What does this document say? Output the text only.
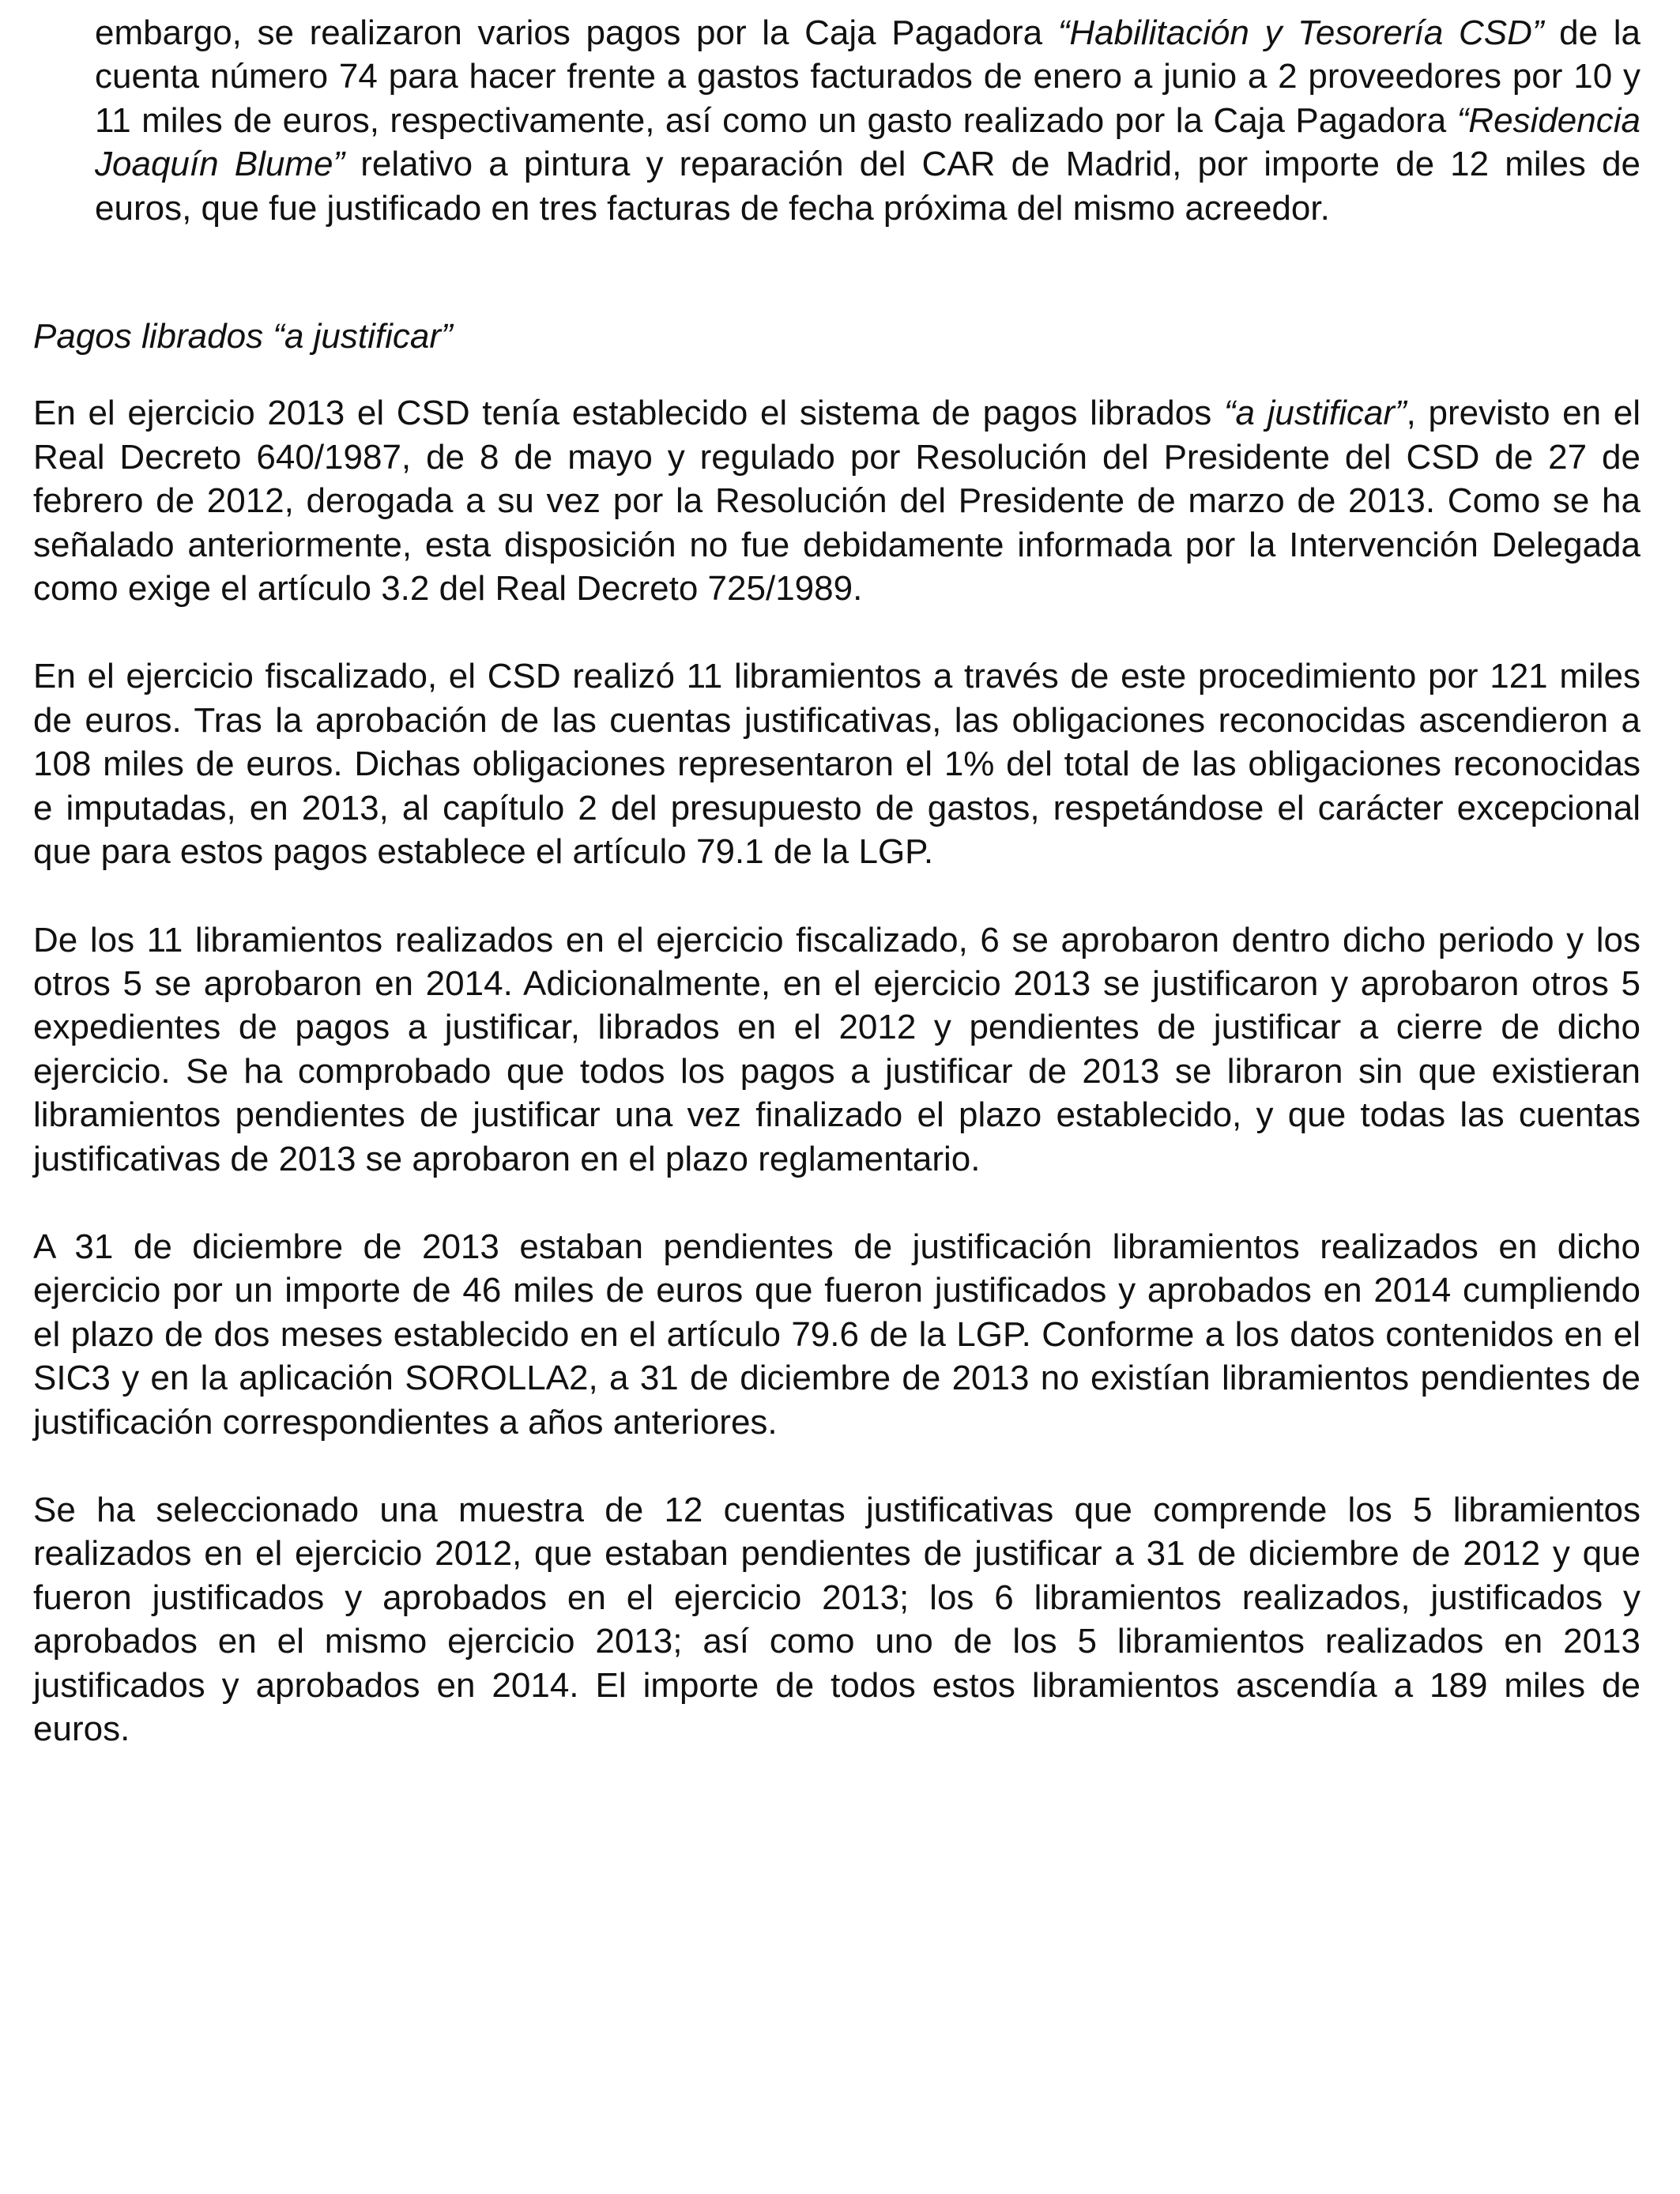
embargo, se realizaron varios pagos por la Caja Pagadora “Habilitación y Tesorería CSD” de la cuenta número 74 para hacer frente a gastos facturados de enero a junio a 2 proveedores por 10 y 11 miles de euros, respectivamente, así como un gasto realizado por la Caja Pagadora “Residencia Joaquín Blume” relativo a pintura y reparación del CAR de Madrid, por importe de 12 miles de euros, que fue justificado en tres facturas de fecha próxima del mismo acreedor.

Pagos librados “a justificar”

En el ejercicio 2013 el CSD tenía establecido el sistema de pagos librados “a justificar”, previsto en el Real Decreto 640/1987, de 8 de mayo y regulado por Resolución del Presidente del CSD de 27 de febrero de 2012, derogada a su vez por la Resolución del Presidente de marzo de 2013. Como se ha señalado anteriormente, esta disposición no fue debidamente informada por la Intervención Delegada como exige el artículo 3.2 del Real Decreto 725/1989.

En el ejercicio fiscalizado, el CSD realizó 11 libramientos a través de este procedimiento por 121 miles de euros. Tras la aprobación de las cuentas justificativas, las obligaciones reconocidas ascendieron a 108 miles de euros. Dichas obligaciones representaron el 1% del total de las obligaciones reconocidas e imputadas, en 2013, al capítulo 2 del presupuesto de gastos, respetándose el carácter excepcional que para estos pagos establece el artículo 79.1 de la LGP.

De los 11 libramientos realizados en el ejercicio fiscalizado, 6 se aprobaron dentro dicho periodo y los otros 5 se aprobaron en 2014. Adicionalmente, en el ejercicio 2013 se justificaron y aprobaron otros 5 expedientes de pagos a justificar, librados en el 2012 y pendientes de justificar a cierre de dicho ejercicio. Se ha comprobado que todos los pagos a justificar de 2013 se libraron sin que existieran libramientos pendientes de justificar una vez finalizado el plazo establecido, y que todas las cuentas justificativas de 2013 se aprobaron en el plazo reglamentario.

A 31 de diciembre de 2013 estaban pendientes de justificación libramientos realizados en dicho ejercicio por un importe de 46 miles de euros que fueron justificados y aprobados en 2014 cumpliendo el plazo de dos meses establecido en el artículo 79.6 de la LGP. Conforme a los datos contenidos en el SIC3 y en la aplicación SOROLLA2, a 31 de diciembre de 2013 no existían libramientos pendientes de justificación correspondientes a años anteriores.

Se ha seleccionado una muestra de 12 cuentas justificativas que comprende los 5 libramientos realizados en el ejercicio 2012, que estaban pendientes de justificar a 31 de diciembre de 2012 y que fueron justificados y aprobados en el ejercicio 2013; los 6 libramientos realizados, justificados y aprobados en el mismo ejercicio 2013; así como uno de los 5 libramientos realizados en 2013 justificados y aprobados en 2014. El importe de todos estos libramientos ascendía a 189 miles de euros.
